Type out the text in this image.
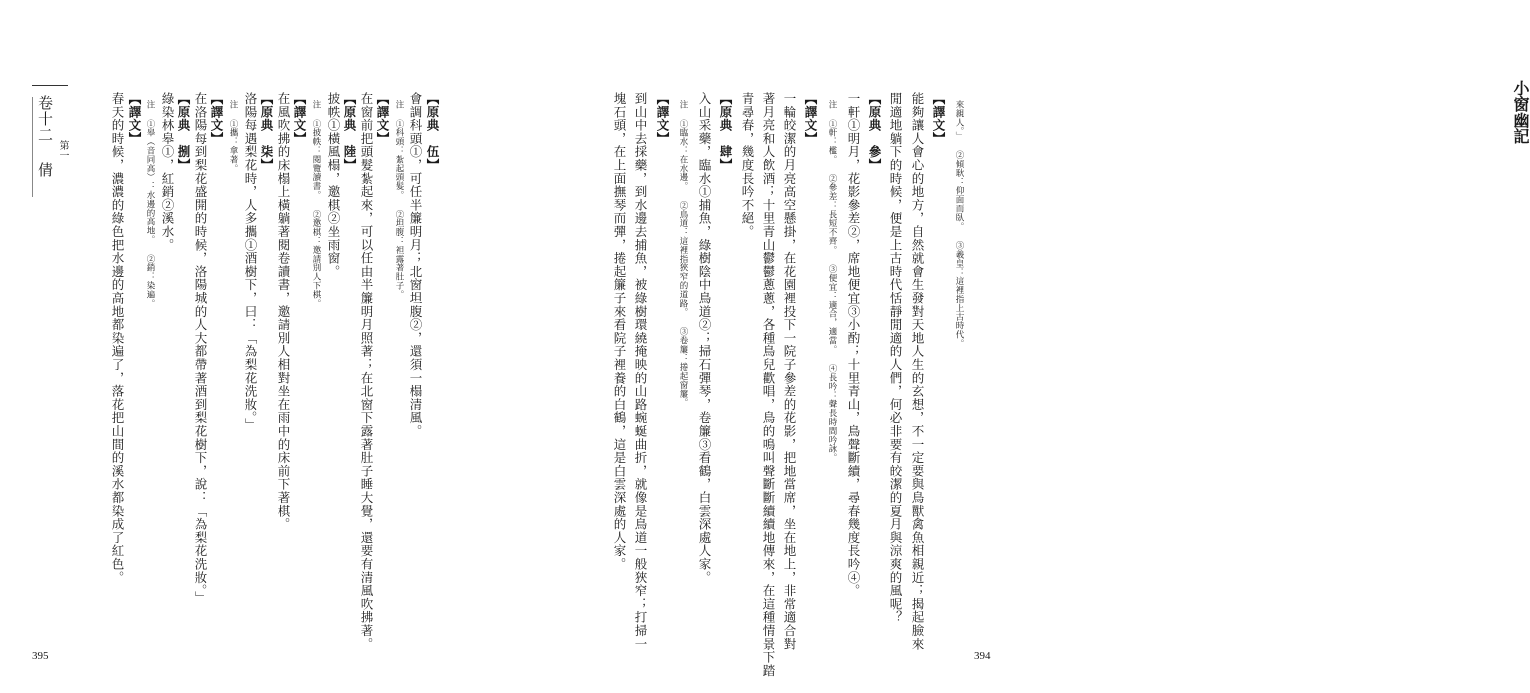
卷十二 倩 第一	【原典　伍】
會調科頭①，可任半簾明月；北窗坦腹②，還須一榻清風。
注 ①科頭：紮起頭髮。 ②坦腹：袒露著肚子。
【譯文】
在窗前把頭髮紮起來，可以任由半簾明月照著；在北窗下露著肚子睡大覺，還要有清風吹拂著。
【原典　陸】
披帙①橫風榻，邀棋②坐雨窗。
注 ①披帙：閱覽讀書。 ②邀棋：邀請別人下棋。
【譯文】
在風吹拂的床榻上橫躺著閱卷讀書，邀請別人相對坐在雨中的床前下著棋。
【原典　柒】
洛陽每遇梨花時，人多攜①酒樹下，曰：「為梨花洗妝。」
注 ①攜：拿著。
【譯文】
在洛陽每到梨花盛開的時候，洛陽城的人大都帶著酒到梨花樹下，說：「為梨花洗妝。」
【原典　捌】
綠染林皋①，紅銷②溪水。
注 ①皋（音同高）：水邊的高地。 ②銷：染遍。
【譯文】
春天的時候，濃濃的綠色把水邊的高地都染遍了，落花把山間的溪水都染成了紅色。
395
小窗幽記
來親人。」 ②傾耿：仰面而臥。 ③羲皇：這裡指上古時代。
【譯文】
能夠讓人會心的地方，自然就會生發對天地人生的玄想，不一定要與鳥獸禽魚相親近；揭起臉來
閒適地躺下的時候，便是上古時代恬靜閒適的人們，何必非要有皎潔的夏月與涼爽的風呢？
【原典　參】
一軒①明月，花影參差②，席地便宜③小酌；十里青山，鳥聲斷續，尋春幾度長吟④。
注 ①軒：檻。 ②參差：長短不齊。 ③便宜：適合，適當。 ④長吟：聲長時間吟詠。
【譯文】
一輪皎潔的月亮高空懸掛，在花園裡投下一院子參差的花影，把地當席，坐在地上，非常適合對
著月亮和人飲酒；十里青山鬱鬱蔥蔥，各種鳥兒歡唱，鳥的鳴叫聲斷斷續續地傳來，在這種情景下踏
青尋春，幾度長吟不絕。
【原典　肆】
入山采藥，臨水①捕魚，綠樹陰中鳥道②；掃石彈琴，卷簾③看鶴，白雲深處人家。
注 ①臨水：在水邊。 ②鳥道：這裡指狹窄的道路。 ③卷簾：捲起窗簾。
【譯文】
到山中去採藥，到水邊去捕魚，被綠樹環繞掩映的山路蜿蜒曲折，就像是鳥道一般狹窄；打掃一
塊石頭，在上面撫琴而彈，捲起簾子來看院子裡養的白鶴，這是白雲深處的人家。
394
